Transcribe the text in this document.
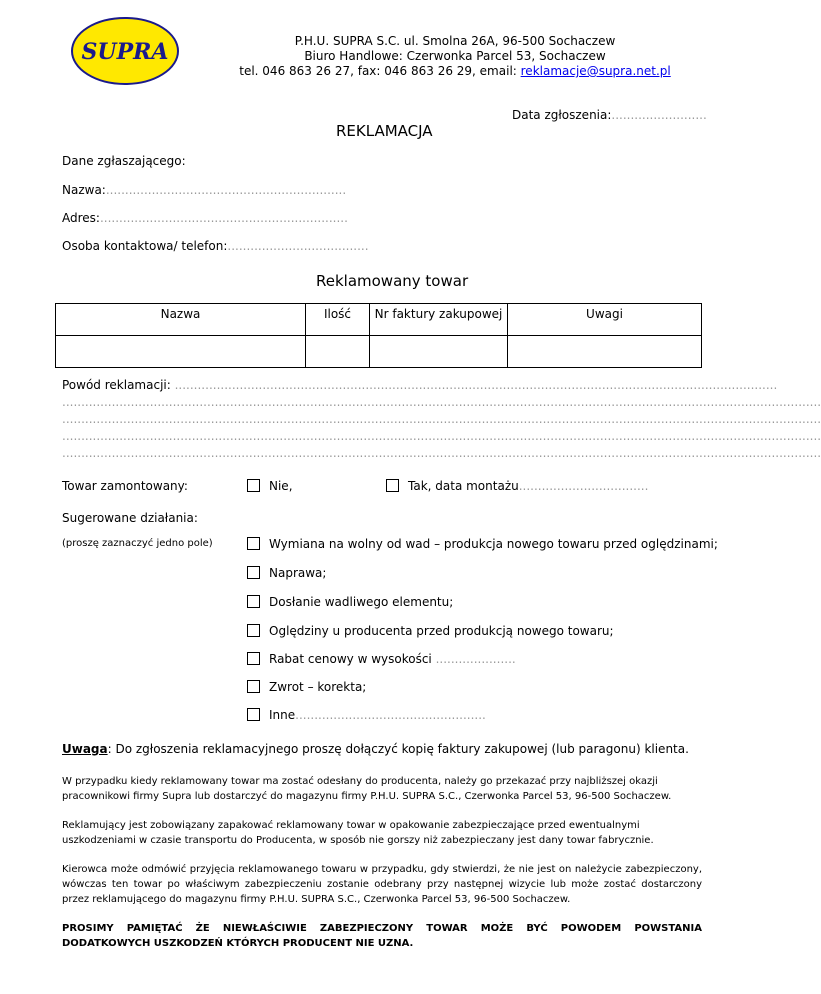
SUPRA	P.H.U. SUPRA S.C. ul. Smolna 26A, 96-500 Sochaczew
Biuro Handlowe: Czerwonka Parcel 53, Sochaczew
tel. 046 863 26 27, fax: 046 863 26 29, email: reklamacje@supra.net.pl
Data zgłoszenia:.........................
REKLAMACJA
Dane zgłaszającego:
Nazwa:...............................................................
Adres:.................................................................
Osoba kontaktowa/ telefon:.....................................
Reklamowany towar
Nazwa	Ilość	Nr faktury zakupowej	Uwagi

Powód reklamacji: ..............................................................................................................................................................
.......................................................................................................................................................................................................
.......................................................................................................................................................................................................
.......................................................................................................................................................................................................
.......................................................................................................................................................................................................
Towar zamontowany:	Nie,	Tak, data montażu..................................
Sugerowane działania:
(proszę zaznaczyć jedno pole)	Wymiana na wolny od wad – produkcja nowego towaru przed oględzinami;
Naprawa;
Dosłanie wadliwego elementu;
Oględziny u producenta przed produkcją nowego towaru;
Rabat cenowy w wysokości .....................
Zwrot – korekta;
Inne..................................................
Uwaga: Do zgłoszenia reklamacyjnego proszę dołączyć kopię faktury zakupowej (lub paragonu) klienta.
W przypadku kiedy reklamowany towar ma zostać odesłany do producenta, należy go przekazać przy najbliższej okazji pracownikowi firmy Supra lub dostarczyć do magazynu firmy P.H.U. SUPRA S.C., Czerwonka Parcel 53, 96-500 Sochaczew.
Reklamujący jest zobowiązany zapakować reklamowany towar w opakowanie zabezpieczające przed ewentualnymi uszkodzeniami w czasie transportu do Producenta, w sposób nie gorszy niż zabezpieczany jest dany towar fabrycznie.
Kierowca może odmówić przyjęcia reklamowanego towaru w przypadku, gdy stwierdzi, że nie jest on należycie zabezpieczony, wówczas ten towar po właściwym zabezpieczeniu zostanie odebrany przy następnej wizycie lub może zostać dostarczony przez reklamującego do magazynu firmy P.H.U. SUPRA S.C., Czerwonka Parcel 53, 96-500 Sochaczew.
PROSIMY PAMIĘTAĆ ŻE NIEWŁAŚCIWIE ZABEZPIECZONY TOWAR MOŻE BYĆ POWODEM POWSTANIA DODATKOWYCH USZKODZEŃ KTÓRYCH PRODUCENT NIE UZNA.
